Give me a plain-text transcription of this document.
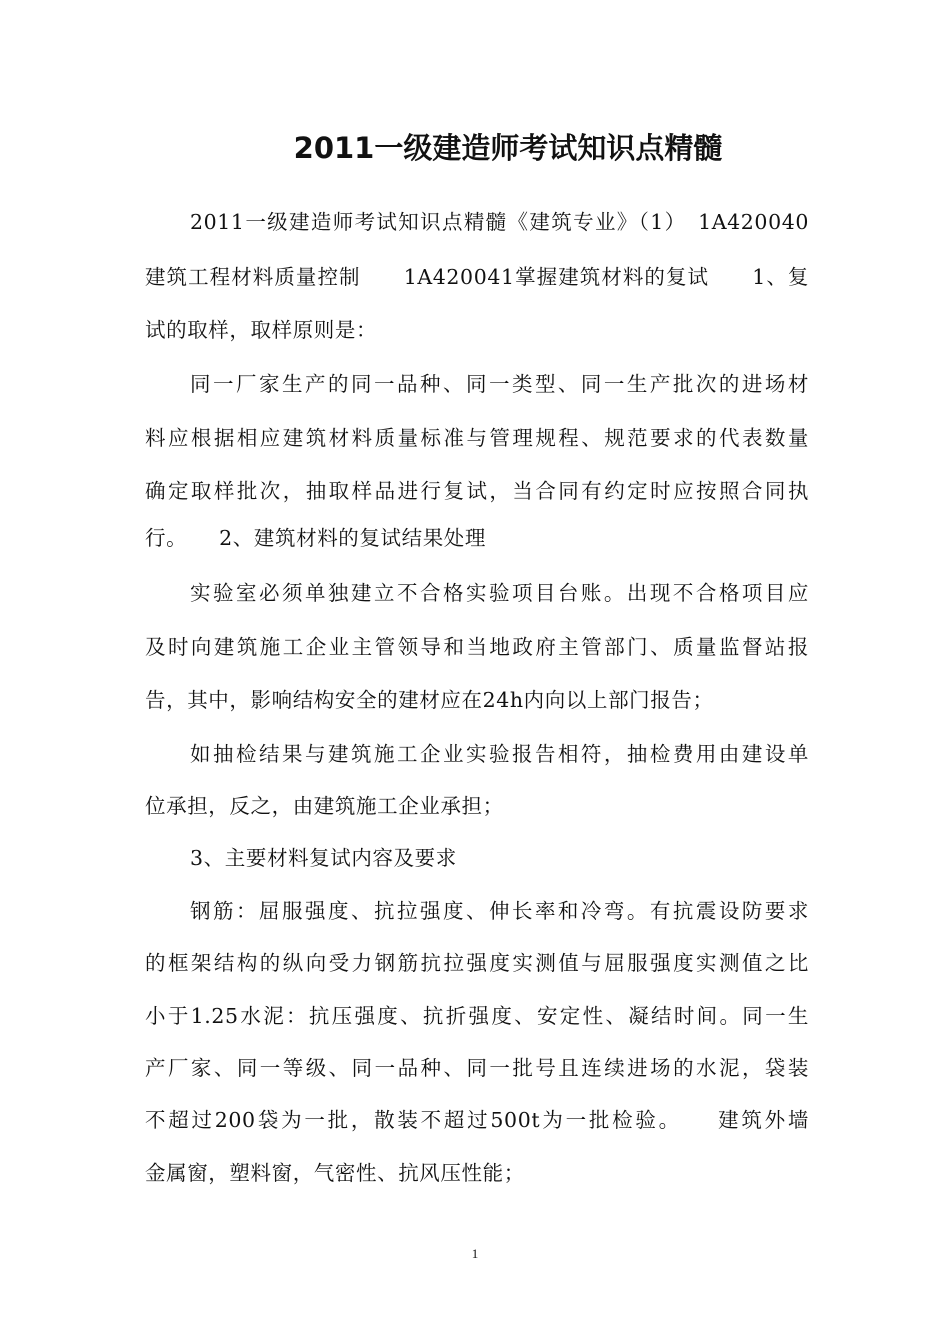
2011一级建造师考试知识点精髓
2011一级建造师考试知识点精髓《建筑专业》（1）　1A420040
建筑工程材料质量控制　　1A420041掌握建筑材料的复试　　1、复
试的取样，取样原则是：
同一厂家生产的同一品种、同一类型、同一生产批次的进场材
料应根据相应建筑材料质量标准与管理规程、规范要求的代表数量
确定取样批次，抽取样品进行复试，当合同有约定时应按照合同执
行。　　2、建筑材料的复试结果处理
实验室必须单独建立不合格实验项目台账。出现不合格项目应
及时向建筑施工企业主管领导和当地政府主管部门、质量监督站报
告，其中，影响结构安全的建材应在24h内向以上部门报告；
如抽检结果与建筑施工企业实验报告相符，抽检费用由建设单
位承担，反之，由建筑施工企业承担；
3、主要材料复试内容及要求
钢筋：屈服强度、抗拉强度、伸长率和冷弯。有抗震设防要求
的框架结构的纵向受力钢筋抗拉强度实测值与屈服强度实测值之比
小于1.25水泥：抗压强度、抗折强度、安定性、凝结时间。同一生
产厂家、同一等级、同一品种、同一批号且连续进场的水泥，袋装
不超过200袋为一批，散装不超过500t为一批检验。　　建筑外墙
金属窗，塑料窗，气密性、抗风压性能；
1
